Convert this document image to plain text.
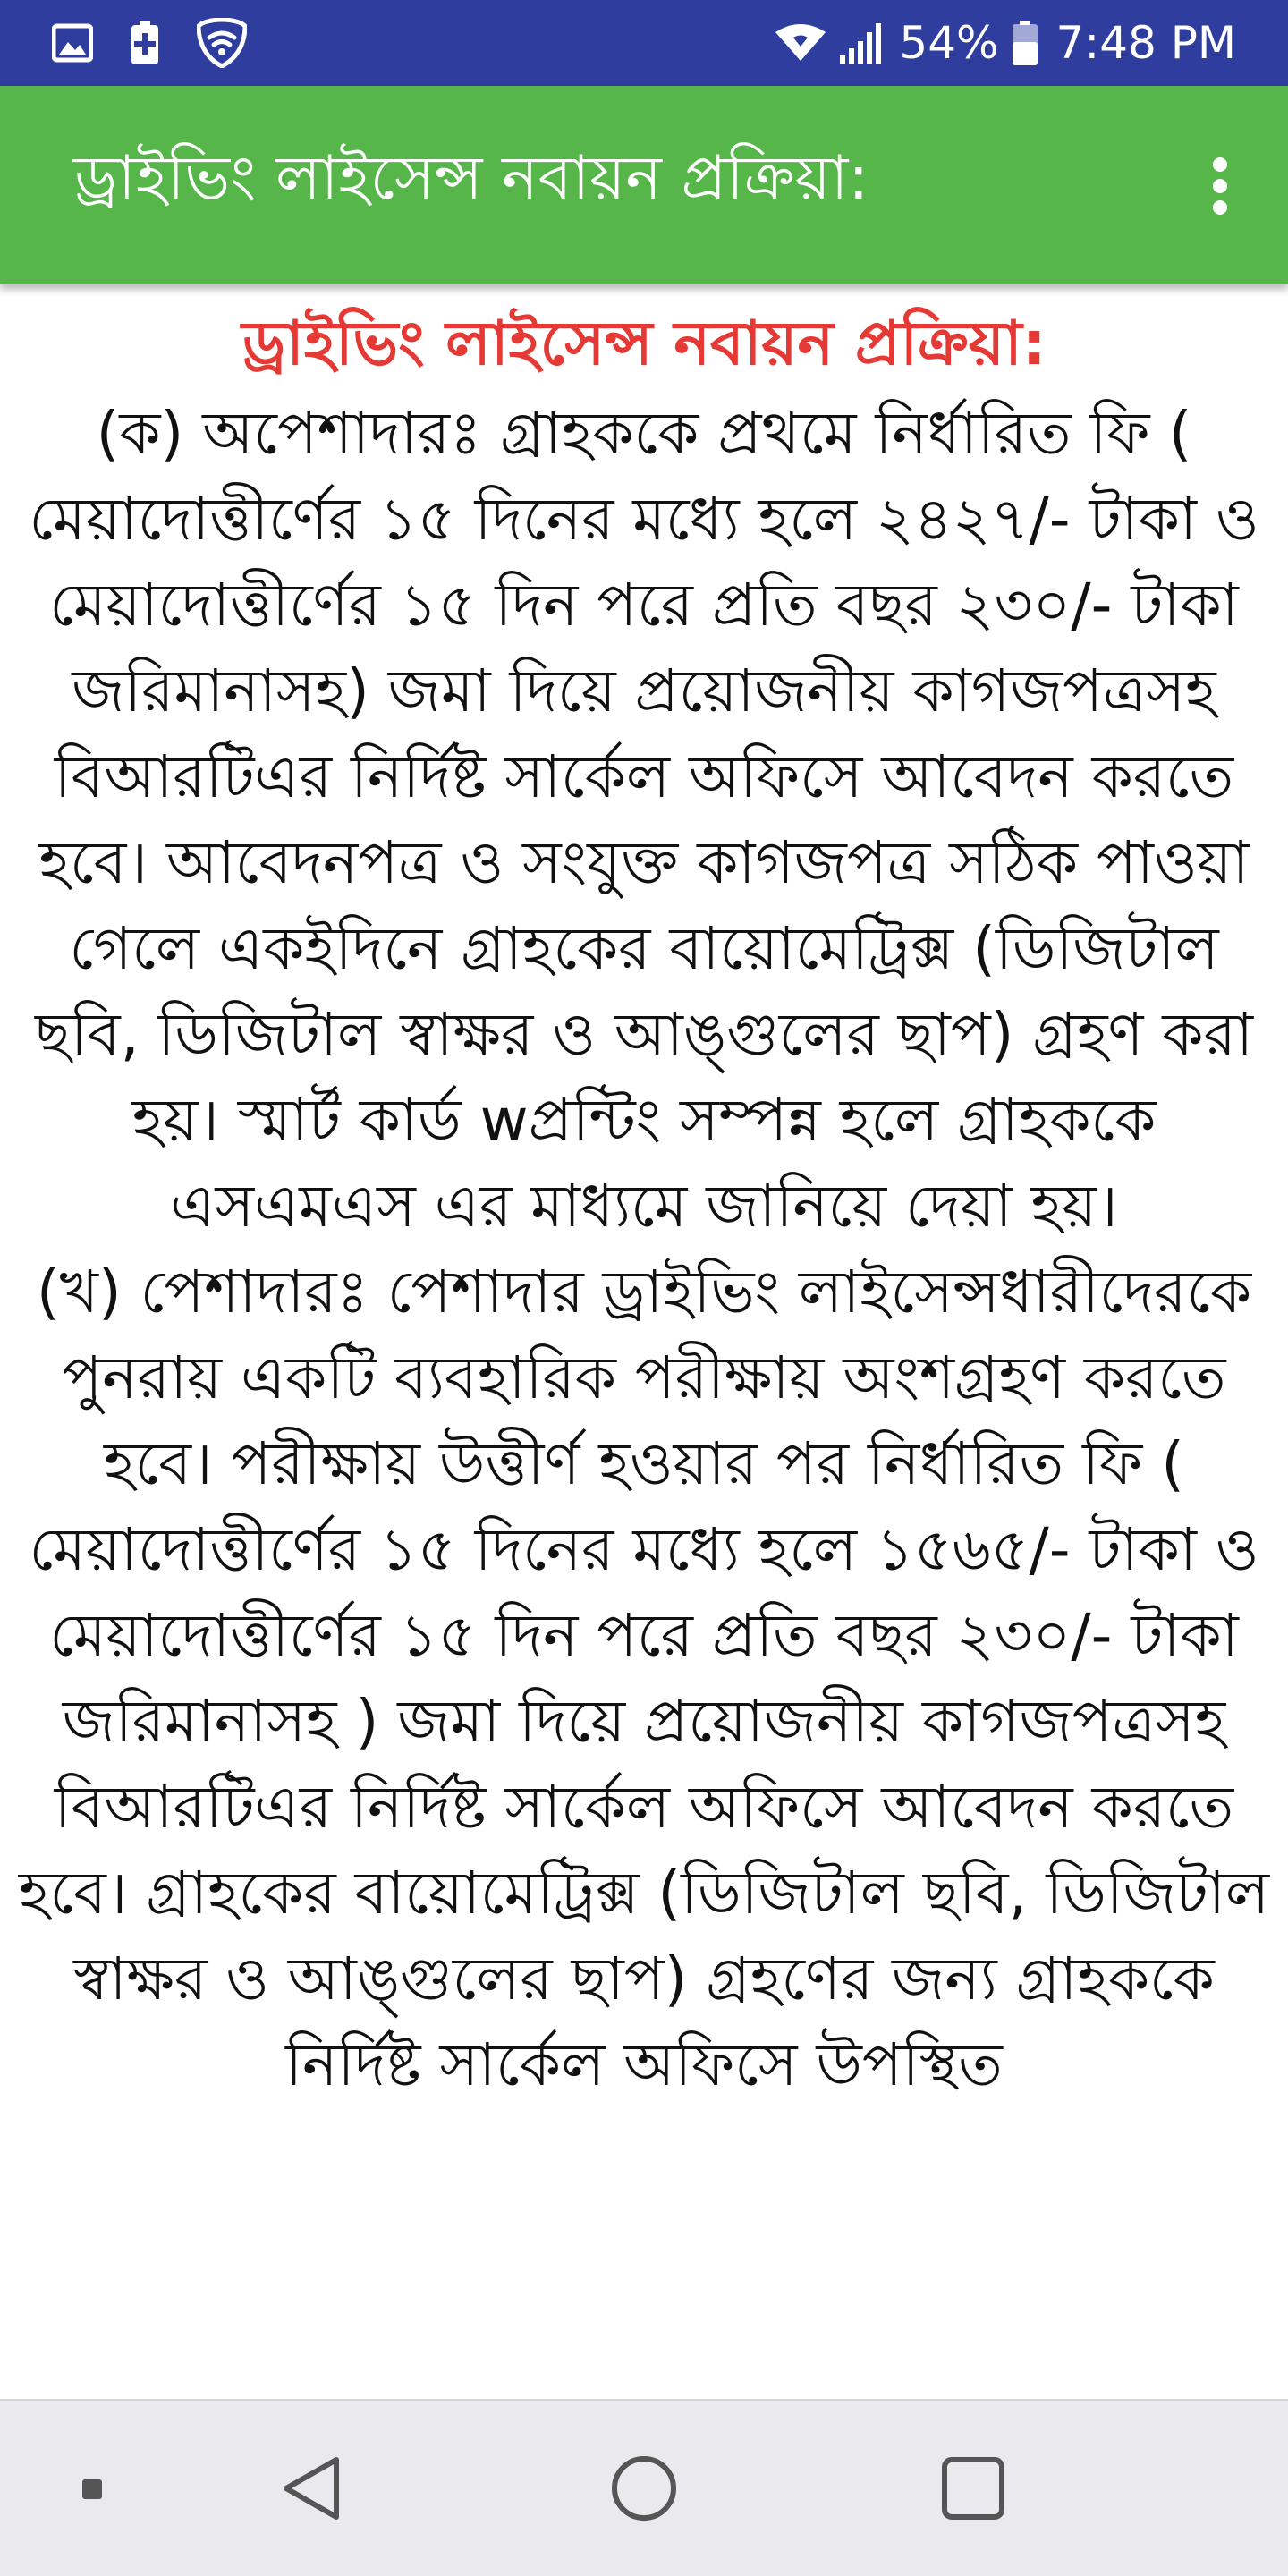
54% 7:48 PM
ড্রাইভিং লাইসেন্স নবায়ন প্রক্রিয়া:
ড্রাইভিং লাইসেন্স নবায়ন প্রক্রিয়া:

(ক) অপেশাদারঃ গ্রাহককে প্রথমে নির্ধারিত ফি ( মেয়াদোত্তীর্ণের ১৫ দিনের মধ্যে হলে ২৪২৭/- টাকা ও মেয়াদোত্তীর্ণের ১৫ দিন পরে প্রতি বছর ২৩০/- টাকা জরিমানাসহ) জমা দিয়ে প্রয়োজনীয় কাগজপত্রসহ বিআরটিএর নির্দিষ্ট সার্কেল অফিসে আবেদন করতে হবে। আবেদনপত্র ও সংযুক্ত কাগজপত্র সঠিক পাওয়া গেলে একইদিনে গ্রাহকের বায়োমেট্রিক্স (ডিজিটাল ছবি, ডিজিটাল স্বাক্ষর ও আঙ্গুলের ছাপ) গ্রহণ করা হয়। স্মার্ট কার্ড wপ্রন্টিং সম্পন্ন হলে গ্রাহককে এসএমএস এর মাধ্যমে জানিয়ে দেয়া হয়।

(খ) পেশাদারঃ পেশাদার ড্রাইভিং লাইসেন্সধারীদেরকে পুনরায় একটি ব্যবহারিক পরীক্ষায় অংশগ্রহণ করতে হবে। পরীক্ষায় উত্তীর্ণ হওয়ার পর নির্ধারিত ফি ( মেয়াদোত্তীর্ণের ১৫ দিনের মধ্যে হলে ১৫৬৫/- টাকা ও মেয়াদোত্তীর্ণের ১৫ দিন পরে প্রতি বছর ২৩০/- টাকা জরিমানাসহ ) জমা দিয়ে প্রয়োজনীয় কাগজপত্রসহ বিআরটিএর নির্দিষ্ট সার্কেল অফিসে আবেদন করতে হবে। গ্রাহকের বায়োমেট্রিক্স (ডিজিটাল ছবি, ডিজিটাল স্বাক্ষর ও আঙ্গুলের ছাপ) গ্রহণের জন্য গ্রাহককে নির্দিষ্ট সার্কেল অফিসে উপস্থিত
